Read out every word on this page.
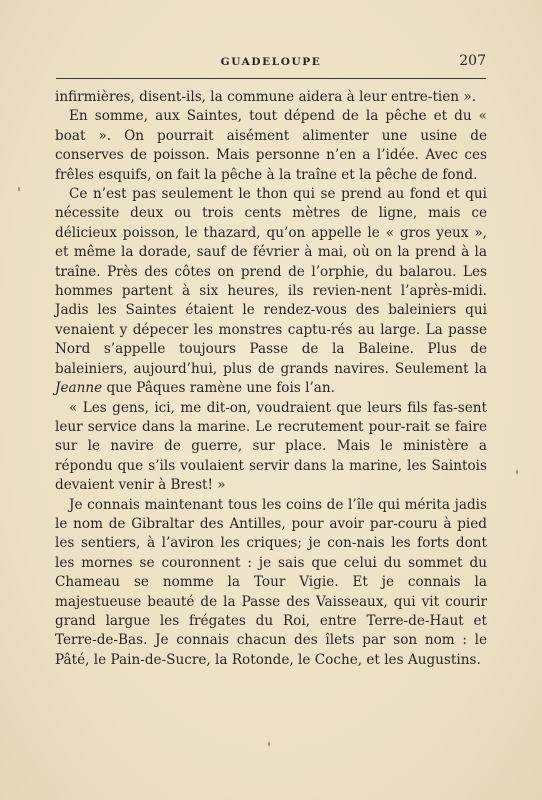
GUADELOUPE	207

infirmières, disent-ils, la commune aidera à leur entre-tien ».

En somme, aux Saintes, tout dépend de la pêche et du « boat ». On pourrait aisément alimenter une usine de conserves de poisson. Mais personne n’en a l’idée. Avec ces frêles esquifs, on fait la pêche à la traîne et la pêche de fond.

Ce n’est pas seulement le thon qui se prend au fond et qui nécessite deux ou trois cents mètres de ligne, mais ce délicieux poisson, le thazard, qu’on appelle le « gros yeux », et même la dorade, sauf de février à mai, où on la prend à la traîne. Près des côtes on prend de l’orphie, du balarou. Les hommes partent à six heures, ils revien-nent l’après-midi. Jadis les Saintes étaient le rendez-vous des baleiniers qui venaient y dépecer les monstres captu-rés au large. La passe Nord s’appelle toujours Passe de la Baleine. Plus de baleiniers, aujourd’hui, plus de grands navires. Seulement la Jeanne que Pâques ramène une fois l’an.

« Les gens, ici, me dit-on, voudraient que leurs fils fas-sent leur service dans la marine. Le recrutement pour-rait se faire sur le navire de guerre, sur place. Mais le ministère a répondu que s’ils voulaient servir dans la marine, les Saintois devaient venir à Brest! »

Je connais maintenant tous les coins de l’île qui mérita jadis le nom de Gibraltar des Antilles, pour avoir par-couru à pied les sentiers, à l’aviron les criques; je con-nais les forts dont les mornes se couronnent : je sais que celui du sommet du Chameau se nomme la Tour Vigie. Et je connais la majestueuse beauté de la Passe des Vaisseaux, qui vit courir grand largue les frégates du Roi, entre Terre-de-Haut et Terre-de-Bas. Je connais chacun des îlets par son nom : le Pâté, le Pain-de-Sucre, la Rotonde, le Coche, et les Augustins.
